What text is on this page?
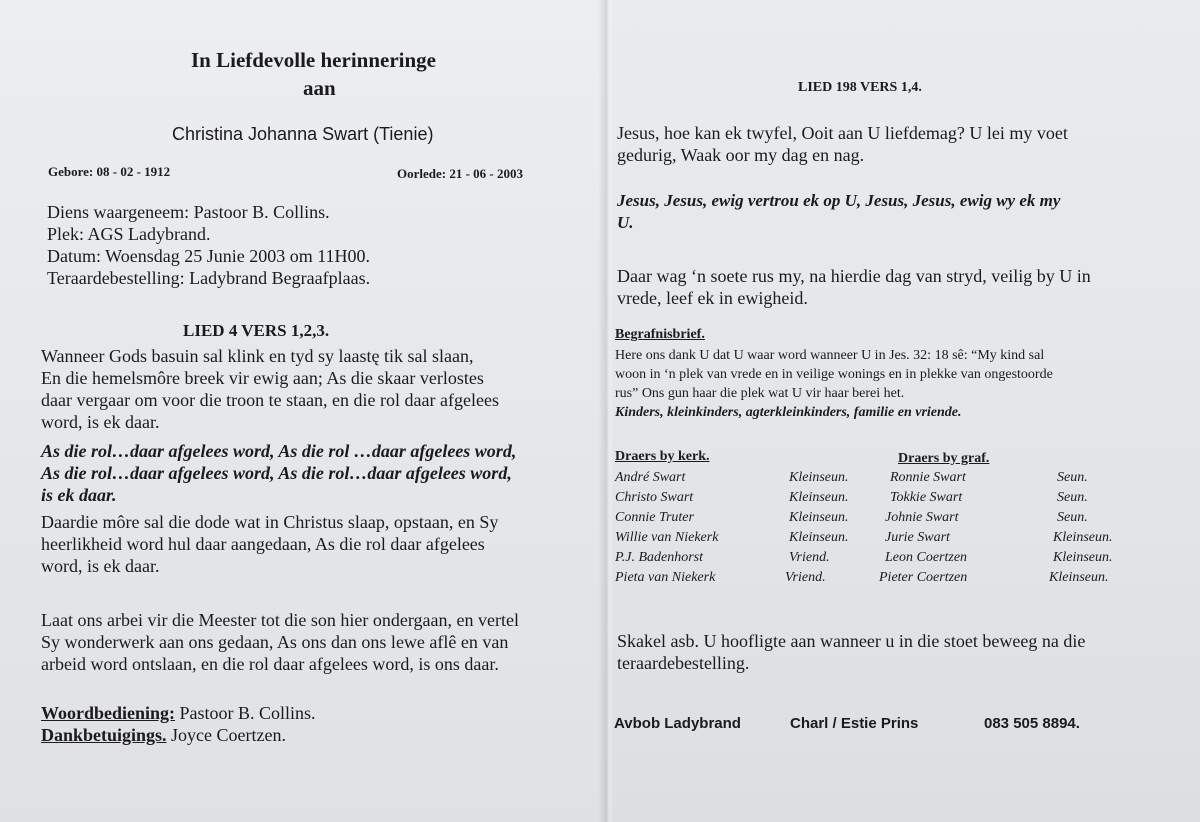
In Liefdevolle herinneringe
aan
Christina Johanna Swart (Tienie)
Gebore: 08 - 02 - 1912	Oorlede: 21 - 06 - 2003
Diens waargeneem: Pastoor B. Collins.
Plek: AGS Ladybrand.
Datum: Woensdag 25 Junie 2003 om 11H00.
Teraardebestelling: Ladybrand Begraafplaas.
LIED 4 VERS 1,2,3.
Wanneer Gods basuin sal klink en tyd sy laastę tik sal slaan,
En die hemelsmôre breek vir ewig aan; As die skaar verlostes
daar vergaar om voor die troon te staan, en die rol daar afgelees
word, is ek daar.
As die rol…daar afgelees word, As die rol …daar afgelees word,
As die rol…daar afgelees word, As die rol…daar afgelees word,
is ek daar.
Daardie môre sal die dode wat in Christus slaap, opstaan, en Sy
heerlikheid word hul daar aangedaan, As die rol daar afgelees
word, is ek daar.
Laat ons arbei vir die Meester tot die son hier ondergaan, en vertel
Sy wonderwerk aan ons gedaan, As ons dan ons lewe aflê en van
arbeid word ontslaan, en die rol daar afgelees word, is ons daar.
Woordbediening: Pastoor B. Collins.
Dankbetuigings. Joyce Coertzen.
LIED 198 VERS 1,4.
Jesus, hoe kan ek twyfel, Ooit aan U liefdemag? U lei my voet
gedurig, Waak oor my dag en nag.
Jesus, Jesus, ewig vertrou ek op U, Jesus, Jesus, ewig wy ek my
U.
Daar wag ‘n soete rus my, na hierdie dag van stryd, veilig by U in
vrede, leef ek in ewigheid.
Begrafnisbrief.
Here ons dank U dat U waar word wanneer U in Jes. 32: 18 sê: “My kind sal
woon in ‘n plek van vrede en in veilige wonings en in plekke van ongestoorde
rus” Ons gun haar die plek wat U vir haar berei het.
Kinders, kleinkinders, agterkleinkinders, familie en vriende.
Draers by kerk.	Draers by graf.
André Swart	Kleinseun.	Ronnie Swart	Seun.
Christo Swart	Kleinseun.	Tokkie Swart	Seun.
Connie Truter	Kleinseun.	Johnie Swart	Seun.
Willie van Niekerk	Kleinseun.	Jurie Swart	Kleinseun.
P.J. Badenhorst	Vriend.	Leon Coertzen	Kleinseun.
Pieta van Niekerk	Vriend.	Pieter Coertzen	Kleinseun.
Skakel asb. U hoofligte aan wanneer u in die stoet beweeg na die
teraardebestelling.
Avbob Ladybrand	Charl / Estie Prins	083 505 8894.
